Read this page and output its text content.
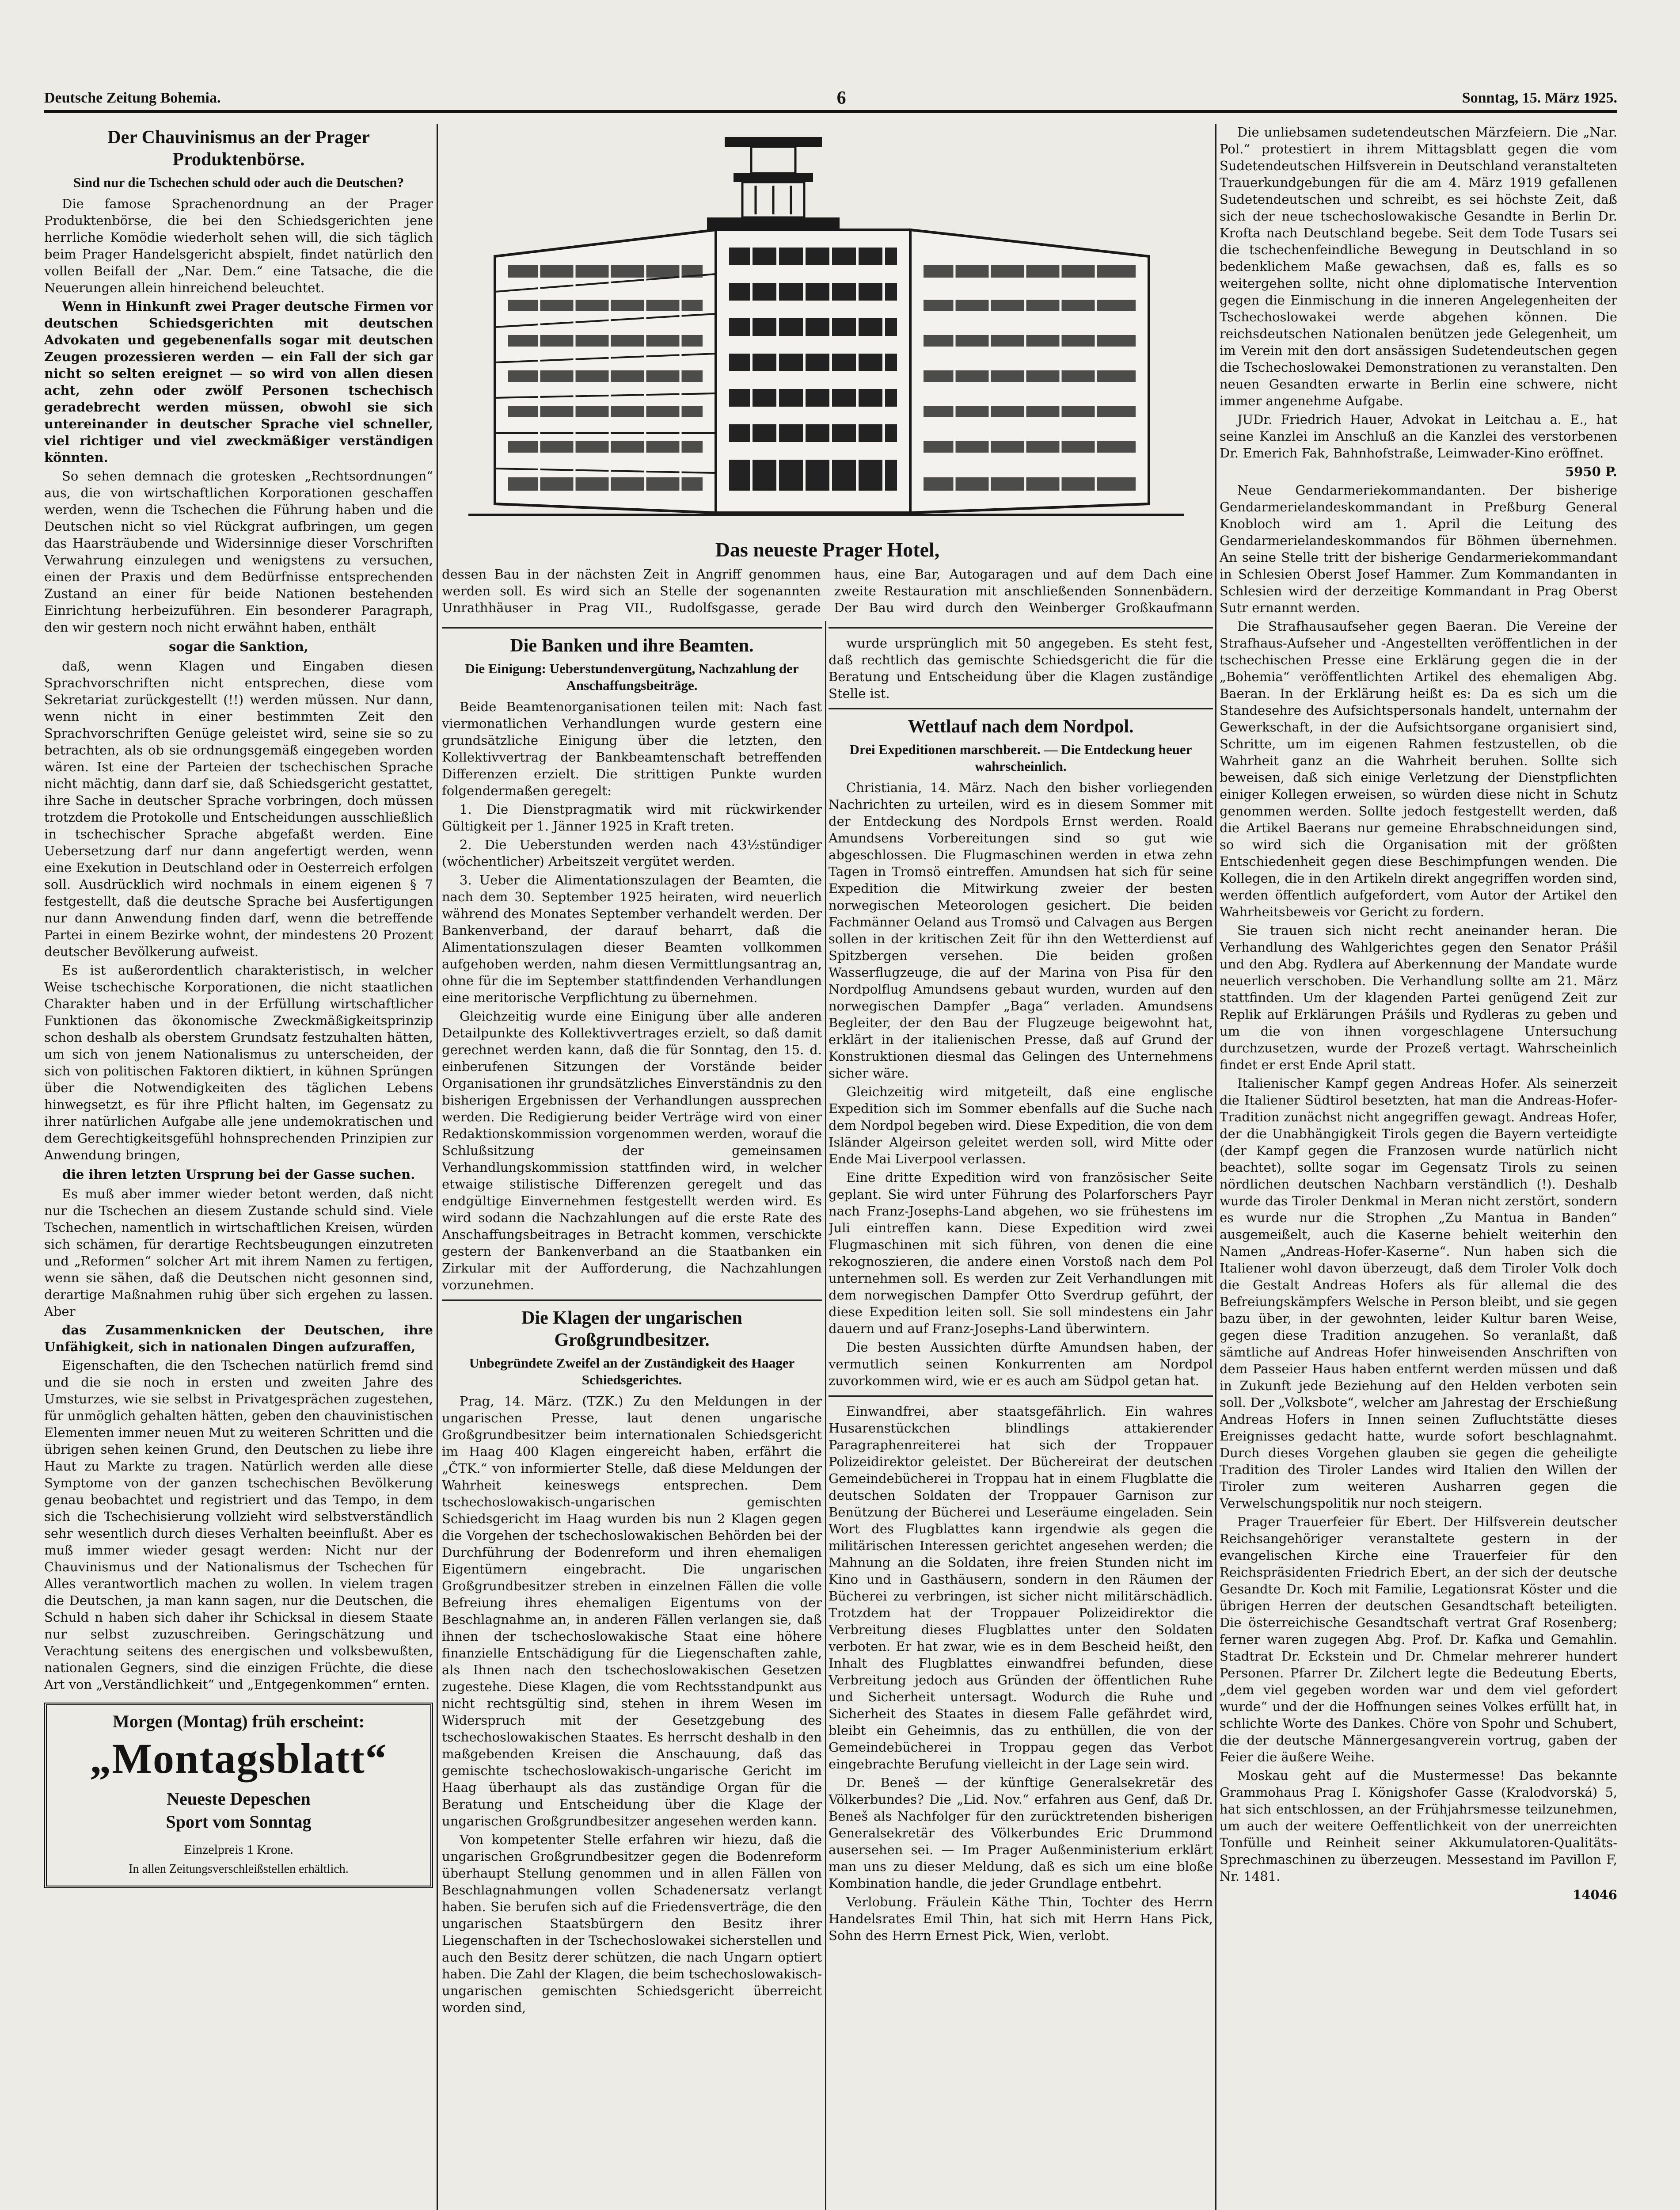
Deutsche Zeitung Bohemia.	6	Sonntag, 15. März 1925.
Der Chauvinismus an der Prager Produktenbörse.
Sind nur die Tschechen schuld oder auch die Deutschen?

Die famose Sprachenordnung an der Prager Produktenbörse, die bei den Schiedsgerichten jene herrliche Komödie wiederholt sehen will, die sich täglich beim Prager Handelsgericht abspielt, findet natürlich den vollen Beifall der „Nar. Dem.“ eine Tatsache, die die Neuerungen allein hinreichend beleuchtet.

Wenn in Hinkunft zwei Prager deutsche Firmen vor deutschen Schiedsgerichten mit deutschen Advokaten und gegebenenfalls sogar mit deutschen Zeugen prozessieren werden — ein Fall der sich gar nicht so selten ereignet — so wird von allen diesen acht, zehn oder zwölf Personen tschechisch geradebrecht werden müssen, obwohl sie sich untereinander in deutscher Sprache viel schneller, viel richtiger und viel zweckmäßiger verständigen könnten.

So sehen demnach die grotesken „Rechtsordnungen“ aus, die von wirtschaftlichen Korporationen geschaffen werden, wenn die Tschechen die Führung haben und die Deutschen nicht so viel Rückgrat aufbringen, um gegen das Haarsträubende und Widersinnige dieser Vorschriften Verwahrung einzulegen und wenigstens zu versuchen, einen der Praxis und dem Bedürfnisse entsprechenden Zustand an einer für beide Nationen bestehenden Einrichtung herbeizuführen. Ein besonderer Paragraph, den wir gestern noch nicht erwähnt haben, enthält

sogar die Sanktion,

daß, wenn Klagen und Eingaben diesen Sprachvorschriften nicht entsprechen, diese vom Sekretariat zurückgestellt (!!) werden müssen. Nur dann, wenn nicht in einer bestimmten Zeit den Sprachvorschriften Genüge geleistet wird, seine sie so zu betrachten, als ob sie ordnungsgemäß eingegeben worden wären. Ist eine der Parteien der tschechischen Sprache nicht mächtig, dann darf sie, daß Schiedsgericht gestattet, ihre Sache in deutscher Sprache vorbringen, doch müssen trotzdem die Protokolle und Entscheidungen ausschließlich in tschechischer Sprache abgefaßt werden. Eine Uebersetzung darf nur dann angefertigt werden, wenn eine Exekution in Deutschland oder in Oesterreich erfolgen soll. Ausdrücklich wird nochmals in einem eigenen § 7 festgestellt, daß die deutsche Sprache bei Ausfertigungen nur dann Anwendung finden darf, wenn die betreffende Partei in einem Bezirke wohnt, der mindestens 20 Prozent deutscher Bevölkerung aufweist.

Es ist außerordentlich charakteristisch, in welcher Weise tschechische Korporationen, die nicht staatlichen Charakter haben und in der Erfüllung wirtschaftlicher Funktionen das ökonomische Zweckmäßigkeitsprinzip schon deshalb als oberstem Grundsatz festzuhalten hätten, um sich von jenem Nationalismus zu unterscheiden, der sich von politischen Faktoren diktiert, in kühnen Sprüngen über die Notwendigkeiten des täglichen Lebens hinwegsetzt, es für ihre Pflicht halten, im Gegensatz zu ihrer natürlichen Aufgabe alle jene undemokratischen und dem Gerechtigkeitsgefühl hohnsprechenden Prinzipien zur Anwendung bringen,

die ihren letzten Ursprung bei der Gasse suchen.

Es muß aber immer wieder betont werden, daß nicht nur die Tschechen an diesem Zustande schuld sind. Viele Tschechen, namentlich in wirtschaftlichen Kreisen, würden sich schämen, für derartige Rechtsbeugungen einzutreten und „Reformen“ solcher Art mit ihrem Namen zu fertigen, wenn sie sähen, daß die Deutschen nicht gesonnen sind, derartige Maßnahmen ruhig über sich ergehen zu lassen. Aber

das Zusammenknicken der Deutschen, ihre Unfähigkeit, sich in nationalen Dingen aufzuraffen,

Eigenschaften, die den Tschechen natürlich fremd sind und die sie noch in ersten und zweiten Jahre des Umsturzes, wie sie selbst in Privatgesprächen zugestehen, für unmöglich gehalten hätten, geben den chauvinistischen Elementen immer neuen Mut zu weiteren Schritten und die übrigen sehen keinen Grund, den Deutschen zu liebe ihre Haut zu Markte zu tragen. Natürlich werden alle diese Symptome von der ganzen tschechischen Bevölkerung genau beobachtet und registriert und das Tempo, in dem sich die Tschechisierung vollzieht wird selbstverständlich sehr wesentlich durch dieses Verhalten beeinflußt. Aber es muß immer wieder gesagt werden: Nicht nur der Chauvinismus und der Nationalismus der Tschechen für Alles verantwortlich machen zu wollen. In vielem tragen die Deutschen, ja man kann sagen, nur die Deutschen, die Schuld n haben sich daher ihr Schicksal in diesem Staate nur selbst zuzuschreiben. Geringschätzung und Verachtung seitens des energischen und volksbewußten, nationalen Gegners, sind die einzigen Früchte, die diese Art von „Verständlichkeit“ und „Entgegenkommen“ ernten.

Morgen (Montag) früh erscheint:
„Montagsblatt“
Neueste Depeschen
Sport vom Sonntag
Einzelpreis 1 Krone.
In allen Zeitungsverschleißstellen erhältlich.
Das neueste Prager Hotel,
dessen Bau in der nächsten Zeit in Angriff genommen werden soll. Es wird sich an Stelle der sogenannten Unrathhäuser in Prag VII., Rudolfsgasse, gerade
haus, eine Bar, Autogaragen und auf dem Dach eine zweite Restauration mit anschließenden Sonnenbädern. Der Bau wird durch den Weinberger Großkaufmann
Die Banken und ihre Beamten.
Die Einigung: Ueberstundenvergütung, Nachzahlung der Anschaffungsbeiträge.

Beide Beamtenorganisationen teilen mit: Nach fast viermonatlichen Verhandlungen wurde gestern eine grundsätzliche Einigung über die letzten, den Kollektivvertrag der Bankbeamtenschaft betreffenden Differenzen erzielt. Die strittigen Punkte wurden folgendermaßen geregelt:

1. Die Dienstpragmatik wird mit rückwirkender Gültigkeit per 1. Jänner 1925 in Kraft treten.

2. Die Ueberstunden werden nach 43½stündiger (wöchentlicher) Arbeitszeit vergütet werden.

3. Ueber die Alimentationszulagen der Beamten, die nach dem 30. September 1925 heiraten, wird neuerlich während des Monates September verhandelt werden. Der Bankenverband, der darauf beharrt, daß die Alimentationszulagen dieser Beamten vollkommen aufgehoben werden, nahm diesen Vermittlungsantrag an, ohne für die im September stattfindenden Verhandlungen eine meritorische Verpflichtung zu übernehmen.

Gleichzeitig wurde eine Einigung über alle anderen Detailpunkte des Kollektivvertrages erzielt, so daß damit gerechnet werden kann, daß die für Sonntag, den 15. d. einberufenen Sitzungen der Vorstände beider Organisationen ihr grundsätzliches Einverständnis zu den bisherigen Ergebnissen der Verhandlungen aussprechen werden. Die Redigierung beider Verträge wird von einer Redaktionskommission vorgenommen werden, worauf die Schlußsitzung der gemeinsamen Verhandlungskommission stattfinden wird, in welcher etwaige stilistische Differenzen geregelt und das endgültige Einvernehmen festgestellt werden wird. Es wird sodann die Nachzahlungen auf die erste Rate des Anschaffungsbeitrages in Betracht kommen, verschickte gestern der Bankenverband an die Staatbanken ein Zirkular mit der Aufforderung, die Nachzahlungen vorzunehmen.

Die Klagen der ungarischen Großgrundbesitzer.
Unbegründete Zweifel an der Zuständigkeit des Haager Schiedsgerichtes.

Prag, 14. März. (TZK.) Zu den Meldungen in der ungarischen Presse, laut denen ungarische Großgrundbesitzer beim internationalen Schiedsgericht im Haag 400 Klagen eingereicht haben, erfährt die „ČTK.“ von informierter Stelle, daß diese Meldungen der Wahrheit keineswegs entsprechen. Dem tschechoslowakisch-ungarischen gemischten Schiedsgericht im Haag wurden bis nun 2 Klagen gegen die Vorgehen der tschechoslowakischen Behörden bei der Durchführung der Bodenreform und ihren ehemaligen Eigentümern eingebracht. Die ungarischen Großgrundbesitzer streben in einzelnen Fällen die volle Befreiung ihres ehemaligen Eigentums von der Beschlagnahme an, in anderen Fällen verlangen sie, daß ihnen der tschechoslowakische Staat eine höhere finanzielle Entschädigung für die Liegenschaften zahle, als Ihnen nach den tschechoslowakischen Gesetzen zugestehe. Diese Klagen, die vom Rechtsstandpunkt aus nicht rechtsgültig sind, stehen in ihrem Wesen im Widerspruch mit der Gesetzgebung des tschechoslowakischen Staates. Es herrscht deshalb in den maßgebenden Kreisen die Anschauung, daß das gemischte tschechoslowakisch-ungarische Gericht im Haag überhaupt als das zuständige Organ für die Beratung und Entscheidung über die Klage der ungarischen Großgrundbesitzer angesehen werden kann.

Von kompetenter Stelle erfahren wir hiezu, daß die ungarischen Großgrundbesitzer gegen die Bodenreform überhaupt Stellung genommen und in allen Fällen von Beschlagnahmungen vollen Schadenersatz verlangt haben. Sie berufen sich auf die Friedensverträge, die den ungarischen Staatsbürgern den Besitz ihrer Liegenschaften in der Tschechoslowakei sicherstellen und auch den Besitz derer schützen, die nach Ungarn optiert haben. Die Zahl der Klagen, die beim tschechoslowakisch-ungarischen gemischten Schiedsgericht überreicht worden sind,

wurde ursprünglich mit 50 angegeben. Es steht fest, daß rechtlich das gemischte Schiedsgericht die für die Beratung und Entscheidung über die Klagen zuständige Stelle ist.

Wettlauf nach dem Nordpol.
Drei Expeditionen marschbereit. — Die Entdeckung heuer wahrscheinlich.

Christiania, 14. März. Nach den bisher vorliegenden Nachrichten zu urteilen, wird es in diesem Sommer mit der Entdeckung des Nordpols Ernst werden. Roald Amundsens Vorbereitungen sind so gut wie abgeschlossen. Die Flugmaschinen werden in etwa zehn Tagen in Tromsö eintreffen. Amundsen hat sich für seine Expedition die Mitwirkung zweier der besten norwegischen Meteorologen gesichert. Die beiden Fachmänner Oeland aus Tromsö und Calvagen aus Bergen sollen in der kritischen Zeit für ihn den Wetterdienst auf Spitzbergen versehen. Die beiden großen Wasserflugzeuge, die auf der Marina von Pisa für den Nordpolflug Amundsens gebaut wurden, wurden auf den norwegischen Dampfer „Baga“ verladen. Amundsens Begleiter, der den Bau der Flugzeuge beigewohnt hat, erklärt in der italienischen Presse, daß auf Grund der Konstruktionen diesmal das Gelingen des Unternehmens sicher wäre.

Gleichzeitig wird mitgeteilt, daß eine englische Expedition sich im Sommer ebenfalls auf die Suche nach dem Nordpol begeben wird. Diese Expedition, die von dem Isländer Algeirson geleitet werden soll, wird Mitte oder Ende Mai Liverpool verlassen.

Eine dritte Expedition wird von französischer Seite geplant. Sie wird unter Führung des Polarforschers Payr nach Franz-Josephs-Land abgehen, wo sie frühestens im Juli eintreffen kann. Diese Expedition wird zwei Flugmaschinen mit sich führen, von denen die eine rekognoszieren, die andere einen Vorstoß nach dem Pol unternehmen soll. Es werden zur Zeit Verhandlungen mit dem norwegischen Dampfer Otto Sverdrup geführt, der diese Expedition leiten soll. Sie soll mindestens ein Jahr dauern und auf Franz-Josephs-Land überwintern.

Die besten Aussichten dürfte Amundsen haben, der vermutlich seinen Konkurrenten am Nordpol zuvorkommen wird, wie er es auch am Südpol getan hat.

Einwandfrei, aber staatsgefährlich. Ein wahres Husarenstückchen blindlings attakierender Paragraphenreiterei hat sich der Troppauer Polizeidirektor geleistet. Der Büchereirat der deutschen Gemeindebücherei in Troppau hat in einem Flugblatte die deutschen Soldaten der Troppauer Garnison zur Benützung der Bücherei und Leseräume eingeladen. Sein Wort des Flugblattes kann irgendwie als gegen die militärischen Interessen gerichtet angesehen werden; die Mahnung an die Soldaten, ihre freien Stunden nicht im Kino und in Gasthäusern, sondern in den Räumen der Bücherei zu verbringen, ist sicher nicht militärschädlich. Trotzdem hat der Troppauer Polizeidirektor die Verbreitung dieses Flugblattes unter den Soldaten verboten. Er hat zwar, wie es in dem Bescheid heißt, den Inhalt des Flugblattes einwandfrei befunden, diese Verbreitung jedoch aus Gründen der öffentlichen Ruhe und Sicherheit untersagt. Wodurch die Ruhe und Sicherheit des Staates in diesem Falle gefährdet wird, bleibt ein Geheimnis, das zu enthüllen, die von der Gemeindebücherei in Troppau gegen das Verbot eingebrachte Berufung vielleicht in der Lage sein wird.

Dr. Beneš — der künftige Generalsekretär des Völkerbundes? Die „Lid. Nov.“ erfahren aus Genf, daß Dr. Beneš als Nachfolger für den zurücktretenden bisherigen Generalsekretär des Völkerbundes Eric Drummond ausersehen sei. — Im Prager Außenministerium erklärt man uns zu dieser Meldung, daß es sich um eine bloße Kombination handle, die jeder Grundlage entbehrt.

Verlobung. Fräulein Käthe Thin, Tochter des Herrn Handelsrates Emil Thin, hat sich mit Herrn Hans Pick, Sohn des Herrn Ernest Pick, Wien, verlobt.

Die unliebsamen sudetendeutschen Märzfeiern. Die „Nar. Pol.“ protestiert in ihrem Mittagsblatt gegen die vom Sudetendeutschen Hilfsverein in Deutschland veranstalteten Trauerkundgebungen für die am 4. März 1919 gefallenen Sudetendeutschen und schreibt, es sei höchste Zeit, daß sich der neue tschechoslowakische Gesandte in Berlin Dr. Krofta nach Deutschland begebe. Seit dem Tode Tusars sei die tschechenfeindliche Bewegung in Deutschland in so bedenklichem Maße gewachsen, daß es, falls es so weitergehen sollte, nicht ohne diplomatische Intervention gegen die Einmischung in die inneren Angelegenheiten der Tschechoslowakei werde abgehen können. Die reichsdeutschen Nationalen benützen jede Gelegenheit, um im Verein mit den dort ansässigen Sudetendeutschen gegen die Tschechoslowakei Demonstrationen zu veranstalten. Den neuen Gesandten erwarte in Berlin eine schwere, nicht immer angenehme Aufgabe.

JUDr. Friedrich Hauer, Advokat in Leitchau a. E., hat seine Kanzlei im Anschluß an die Kanzlei des verstorbenen Dr. Emerich Fak, Bahnhofstraße, Leimwader-Kino eröffnet.

5950 P.

Neue Gendarmeriekommandanten. Der bisherige Gendarmerielandeskommandant in Preßburg General Knobloch wird am 1. April die Leitung des Gendarmerielandeskommandos für Böhmen übernehmen. An seine Stelle tritt der bisherige Gendarmeriekommandant in Schlesien Oberst Josef Hammer. Zum Kommandanten in Schlesien wird der derzeitige Kommandant in Prag Oberst Sutr ernannt werden.

Die Strafhausaufseher gegen Baeran. Die Vereine der Strafhaus-Aufseher und -Angestellten veröffentlichen in der tschechischen Presse eine Erklärung gegen die in der „Bohemia“ veröffentlichten Artikel des ehemaligen Abg. Baeran. In der Erklärung heißt es: Da es sich um die Standesehre des Aufsichtspersonals handelt, unternahm der Gewerkschaft, in der die Aufsichtsorgane organisiert sind, Schritte, um im eigenen Rahmen festzustellen, ob die Wahrheit ganz an die Wahrheit beruhen. Sollte sich beweisen, daß sich einige Verletzung der Dienstpflichten einiger Kollegen erweisen, so würden diese nicht in Schutz genommen werden. Sollte jedoch festgestellt werden, daß die Artikel Baerans nur gemeine Ehrabschneidungen sind, so wird sich die Organisation mit der größten Entschiedenheit gegen diese Beschimpfungen wenden. Die Kollegen, die in den Artikeln direkt angegriffen worden sind, werden öffentlich aufgefordert, vom Autor der Artikel den Wahrheitsbeweis vor Gericht zu fordern.

Sie trauen sich nicht recht aneinander heran. Die Verhandlung des Wahlgerichtes gegen den Senator Prášil und den Abg. Rydlera auf Aberkennung der Mandate wurde neuerlich verschoben. Die Verhandlung sollte am 21. März stattfinden. Um der klagenden Partei genügend Zeit zur Replik auf Erklärungen Prášils und Rydleras zu geben und um die von ihnen vorgeschlagene Untersuchung durchzusetzen, wurde der Prozeß vertagt. Wahrscheinlich findet er erst Ende April statt.

Italienischer Kampf gegen Andreas Hofer. Als seinerzeit die Italiener Südtirol besetzten, hat man die Andreas-Hofer-Tradition zunächst nicht angegriffen gewagt. Andreas Hofer, der die Unabhängigkeit Tirols gegen die Bayern verteidigte (der Kampf gegen die Franzosen wurde natürlich nicht beachtet), sollte sogar im Gegensatz Tirols zu seinen nördlichen deutschen Nachbarn verständlich (!). Deshalb wurde das Tiroler Denkmal in Meran nicht zerstört, sondern es wurde nur die Strophen „Zu Mantua in Banden“ ausgemeißelt, auch die Kaserne behielt weiterhin den Namen „Andreas-Hofer-Kaserne“. Nun haben sich die Italiener wohl davon überzeugt, daß dem Tiroler Volk doch die Gestalt Andreas Hofers als für allemal die des Befreiungskämpfers Welsche in Person bleibt, und sie gegen bazu über, in der gewohnten, leider Kultur baren Weise, gegen diese Tradition anzugehen. So veranlaßt, daß sämtliche auf Andreas Hofer hinweisenden Anschriften von dem Passeier Haus haben entfernt werden müssen und daß in Zukunft jede Beziehung auf den Helden verboten sein soll. Der „Volksbote“, welcher am Jahrestag der Erschießung Andreas Hofers in Innen seinen Zufluchtstätte dieses Ereignisses gedacht hatte, wurde sofort beschlagnahmt. Durch dieses Vorgehen glauben sie gegen die geheiligte Tradition des Tiroler Landes wird Italien den Willen der Tiroler zum weiteren Ausharren gegen die Verwelschungspolitik nur noch steigern.

Prager Trauerfeier für Ebert. Der Hilfsverein deutscher Reichsangehöriger veranstaltete gestern in der evangelischen Kirche eine Trauerfeier für den Reichspräsidenten Friedrich Ebert, an der sich der deutsche Gesandte Dr. Koch mit Familie, Legationsrat Köster und die übrigen Herren der deutschen Gesandtschaft beteiligten. Die österreichische Gesandtschaft vertrat Graf Rosenberg; ferner waren zugegen Abg. Prof. Dr. Kafka und Gemahlin. Stadtrat Dr. Eckstein und Dr. Chmelar mehrerer hundert Personen. Pfarrer Dr. Zilchert legte die Bedeutung Eberts, „dem viel gegeben worden war und dem viel gefordert wurde“ und der die Hoffnungen seines Volkes erfüllt hat, in schlichte Worte des Dankes. Chöre von Spohr und Schubert, die der deutsche Männergesangverein vortrug, gaben der Feier die äußere Weihe.

Moskau geht auf die Mustermesse! Das bekannte Grammohaus Prag I. Königshofer Gasse (Kralodvorská) 5, hat sich entschlossen, an der Frühjahrsmesse teilzunehmen, um auch der weitere Oeffentlichkeit von der unerreichten Tonfülle und Reinheit seiner Akkumulatoren-Qualitäts-Sprechmaschinen zu überzeugen. Messestand im Pavillon F, Nr. 1481.

14046
